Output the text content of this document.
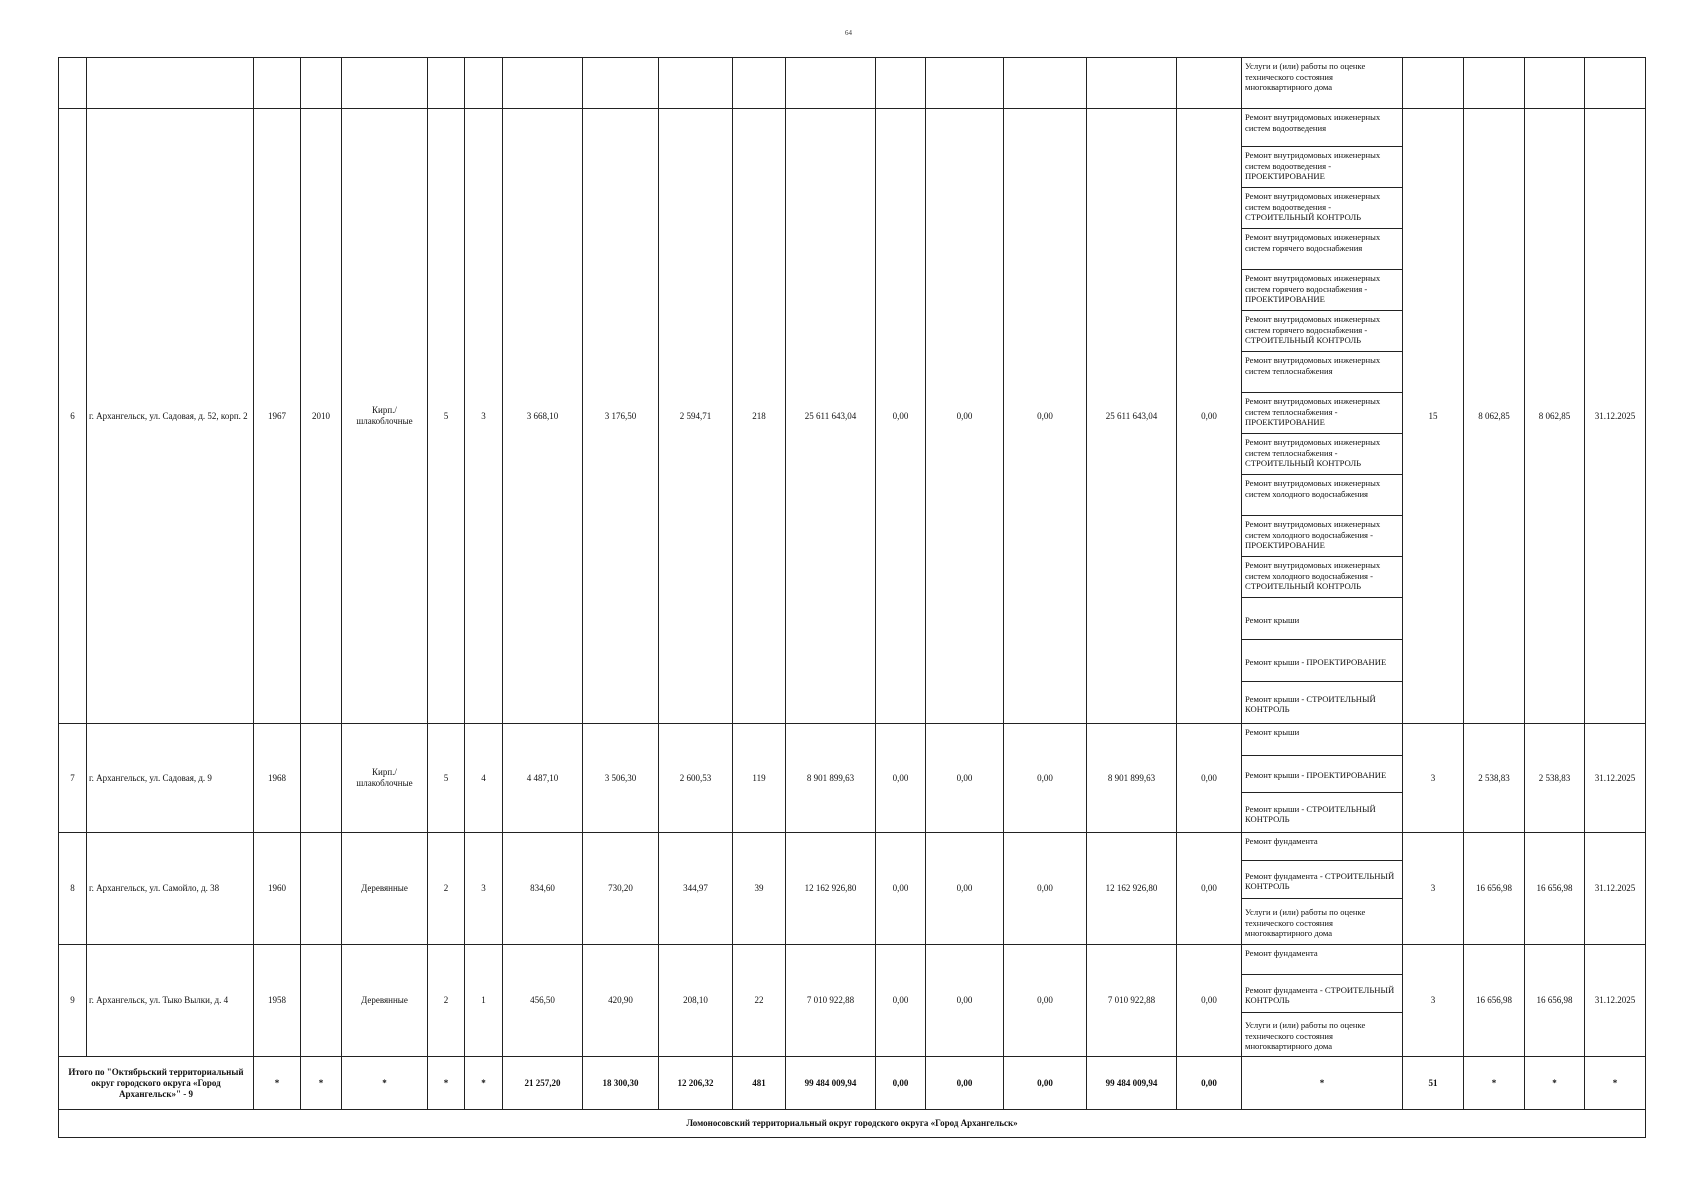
64
																	Услуги и (или) работы по оценке технического состояния многоквартирного дома				
6	г. Архангельск, ул. Садовая, д. 52, корп. 2	1967	2010	Кирп./ шлакоблочные	5	3	3 668,10	3 176,50	2 594,71	218	25 611 643,04	0,00	0,00	0,00	25 611 643,04	0,00	Ремонт внутридомовых инженерных систем водоотведения	15	8 062,85	8 062,85	31.12.2025
																	Ремонт внутридомовых инженерных систем водоотведения - ПРОЕКТИРОВАНИЕ				
																	Ремонт внутридомовых инженерных систем водоотведения - СТРОИТЕЛЬНЫЙ КОНТРОЛЬ				
																	Ремонт внутридомовых инженерных систем горячего водоснабжения				
																	Ремонт внутридомовых инженерных систем горячего водоснабжения - ПРОЕКТИРОВАНИЕ				
																	Ремонт внутридомовых инженерных систем горячего водоснабжения - СТРОИТЕЛЬНЫЙ КОНТРОЛЬ				
																	Ремонт внутридомовых инженерных систем теплоснабжения				
																	Ремонт внутридомовых инженерных систем теплоснабжения - ПРОЕКТИРОВАНИЕ				
																	Ремонт внутридомовых инженерных систем теплоснабжения - СТРОИТЕЛЬНЫЙ КОНТРОЛЬ				
																	Ремонт внутридомовых инженерных систем холодного водоснабжения				
																	Ремонт внутридомовых инженерных систем холодного водоснабжения - ПРОЕКТИРОВАНИЕ				
																	Ремонт внутридомовых инженерных систем холодного водоснабжения - СТРОИТЕЛЬНЫЙ КОНТРОЛЬ				
																	Ремонт крыши				
																	Ремонт крыши - ПРОЕКТИРОВАНИЕ				
																	Ремонт крыши - СТРОИТЕЛЬНЫЙ КОНТРОЛЬ				
7	г. Архангельск, ул. Садовая, д. 9	1968		Кирп./ шлакоблочные	5	4	4 487,10	3 506,30	2 600,53	119	8 901 899,63	0,00	0,00	0,00	8 901 899,63	0,00	Ремонт крыши	3	2 538,83	2 538,83	31.12.2025
																	Ремонт крыши - ПРОЕКТИРОВАНИЕ				
																	Ремонт крыши - СТРОИТЕЛЬНЫЙ КОНТРОЛЬ				
8	г. Архангельск, ул. Самойло, д. 38	1960		Деревянные	2	3	834,60	730,20	344,97	39	12 162 926,80	0,00	0,00	0,00	12 162 926,80	0,00	Ремонт фундамента	3	16 656,98	16 656,98	31.12.2025
																	Ремонт фундамента - СТРОИТЕЛЬНЫЙ КОНТРОЛЬ				
																	Услуги и (или) работы по оценке технического состояния многоквартирного дома				
9	г. Архангельск, ул. Тыко Вылки, д. 4	1958		Деревянные	2	1	456,50	420,90	208,10	22	7 010 922,88	0,00	0,00	0,00	7 010 922,88	0,00	Ремонт фундамента	3	16 656,98	16 656,98	31.12.2025
																	Ремонт фундамента - СТРОИТЕЛЬНЫЙ КОНТРОЛЬ				
																	Услуги и (или) работы по оценке технического состояния многоквартирного дома				
Итого по "Октябрьский территориальный округ городского округа «Город Архангельск»" - 9		*	*	*	*	*	21 257,20	18 300,30	12 206,32	481	99 484 009,94	0,00	0,00	0,00	99 484 009,94	0,00	*	51	*	*	*
Ломоносовский территориальный округ городского округа «Город Архангельск»																					
